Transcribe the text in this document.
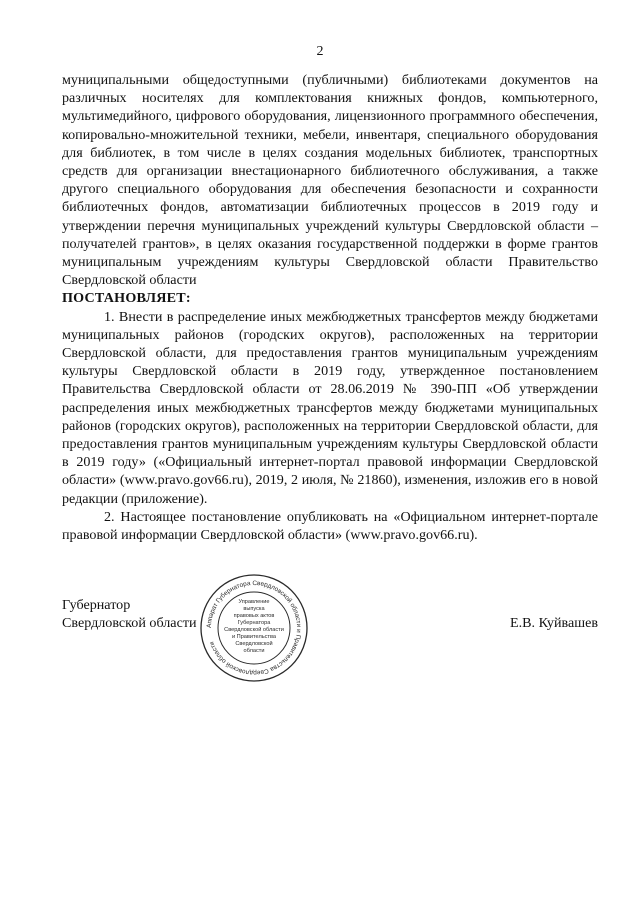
2

муниципальными общедоступными (публичными) библиотеками документов на различных носителях для комплектования книжных фондов, компьютерного, мультимедийного, цифрового оборудования, лицензионного программного обеспечения, копировально-множительной техники, мебели, инвентаря, специального оборудования для библиотек, в том числе в целях создания модельных библиотек, транспортных средств для организации внестационарного библиотечного обслуживания, а также другого специального оборудования для обеспечения безопасности и сохранности библиотечных фондов, автоматизации библиотечных процессов в 2019 году и утверждении перечня муниципальных учреждений культуры Свердловской области – получателей грантов», в целях оказания государственной поддержки в форме грантов муниципальным учреждениям культуры Свердловской области Правительство Свердловской области

ПОСТАНОВЛЯЕТ:

1. Внести в распределение иных межбюджетных трансфертов между бюджетами муниципальных районов (городских округов), расположенных на территории Свердловской области, для предоставления грантов муниципальным учреждениям культуры Свердловской области в 2019 году, утвержденное постановлением Правительства Свердловской области от 28.06.2019 № 390-ПП «Об утверждении распределения иных межбюджетных трансфертов между бюджетами муниципальных районов (городских округов), расположенных на территории Свердловской области, для предоставления грантов муниципальным учреждениям культуры Свердловской области в 2019 году» («Официальный интернет-портал правовой информации Свердловской области» (www.pravo.gov66.ru), 2019, 2 июля, № 21860), изменения, изложив его в новой редакции (приложение).

2. Настоящее постановление опубликовать на «Официальном интернет-портале правовой информации Свердловской области» (www.pravo.gov66.ru).

Губернатор
Свердловской области	Е.В. Куйвашев
Аппарат Губернатора Свердловской области и Правительства Свердловской области
Управление
выпуска
правовых актов
Губернатора
Свердловской области
и Правительства
Свердловской
области
